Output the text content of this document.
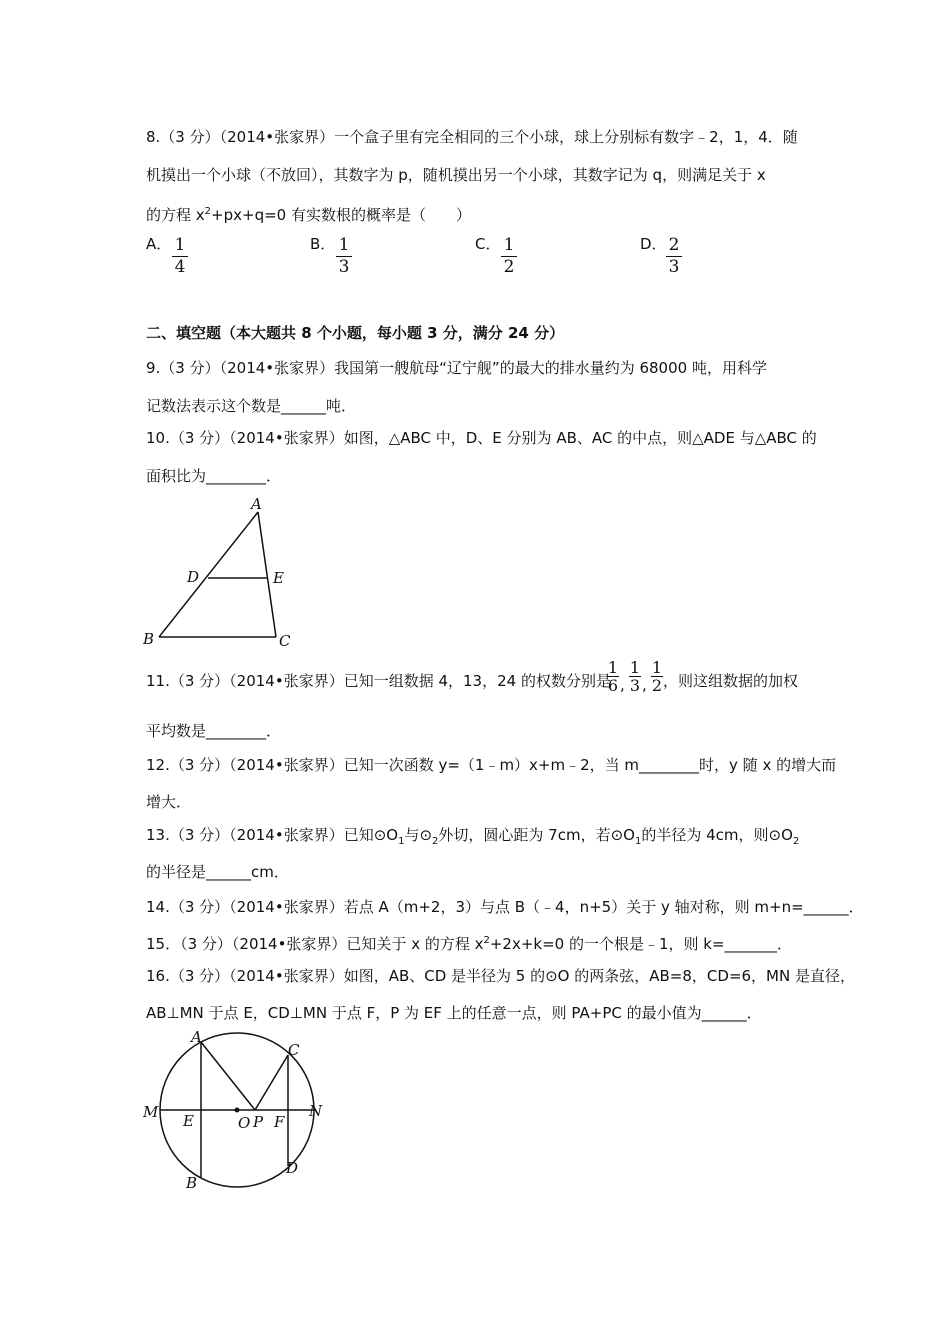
8.（3 分）（2014•张家界）一个盒子里有完全相同的三个小球，球上分别标有数字﹣2，1，4．随
机摸出一个小球（不放回），其数字为 p，随机摸出另一个小球，其数字记为 q，则满足关于 x
的方程 $x^2+px+q=0$ 有实数根的概率是（　　）
A． 1
4
B． 1
3
C． 1
2
D． 2
3
二、填空题（本大题共 8 个小题，每小题 3 分，满分 24 分）
9.（3 分）（2014•张家界）我国第一艘航母“辽宁舰”的最大的排水量约为 68000 吨，用科学
记数法表示这个数是______吨．
10.（3 分）（2014•张家界）如图，△ABC 中，D、E 分别为 AB、AC 的中点，则△ADE 与△ABC 的
面积比为________．
A
B	C
D	E
11.（3 分）（2014•张家界）已知一组数据 4，13，24 的权数分别是
1
6 ,
1
3 ,
1
2 ，则这组数据的加权
平均数是________．
12.（3 分）（2014•张家界）已知一次函数 y=（1﹣m）x+m﹣2，当 m________时，y 随 x 的增大而
增大．
13.（3 分）（2014•张家界）已知$⊙O_1$与$⊙_2$外切，圆心距为 7cm，若$⊙O_1$的半径为 4cm，则$⊙O_2$
的半径是______cm．
14.（3 分）（2014•张家界）若点 A（m+2，3）与点 B（﹣4，n+5）关于 y 轴对称，则 m+n=______．
15．（3 分）（2014•张家界）已知关于 x 的方程 $x^2+2x+k=0$ 的一个根是﹣1，则 k=_______．
16.（3 分）（2014•张家界）如图，AB、CD 是半径为 5 的⊙O 的两条弦，AB=8，CD=6，MN 是直径，
AB⊥MN 于点 E，CD⊥MN 于点 F，P 为 EF 上的任意一点，则 PA+PC 的最小值为______．
A
B
C
D
M	N
E	O P F
